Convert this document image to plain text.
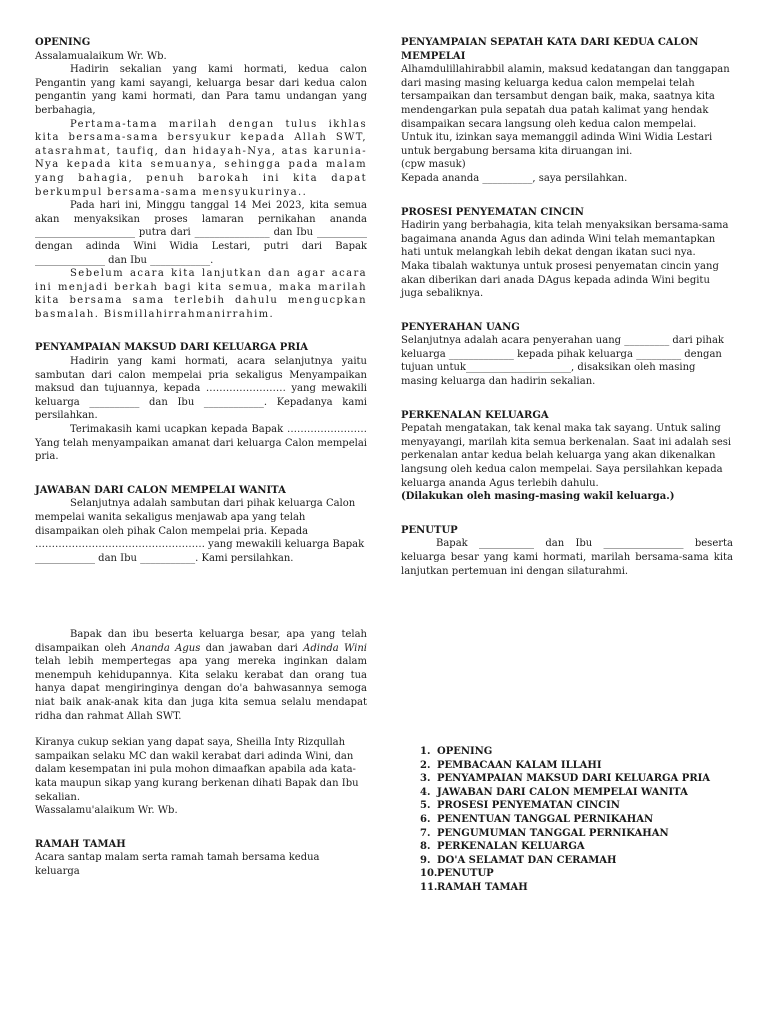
OPENING

Assalamualaikum Wr. Wb.

Hadirin sekalian yang kami hormati, kedua calon Pengantin yang kami sayangi, keluarga besar dari kedua calon pengantin yang kami hormati, dan Para tamu undangan yang berbahagia,

Pertama-tama marilah dengan tulus ikhlas kita bersama-sama bersyukur kepada Allah SWT, atasrahmat, taufiq, dan hidayah-Nya, atas karunia-Nya kepada kita semuanya, sehingga pada malam yang bahagia, penuh barokah ini kita dapat berkumpul bersama-sama mensyukurinya..

Pada hari ini, Minggu tanggal 14 Mei 2023, kita semua akan menyaksikan proses lamaran pernikahan ananda ____________________ putra dari _______________ dan Ibu __________ dengan adinda Wini Widia Lestari, putri dari Bapak ______________ dan Ibu ____________.

Sebelum acara kita lanjutkan dan agar acara ini menjadi berkah bagi kita semua, maka marilah kita bersama sama terlebih dahulu mengucpkan basmalah. Bismillahirrahmanirrahim.

PENYAMPAIAN MAKSUD DARI KELUARGA PRIA

Hadirin yang kami hormati, acara selanjutnya yaitu sambutan dari calon mempelai pria sekaligus Menyampaikan maksud dan tujuannya, kepada …………………… yang mewakili keluarga __________ dan Ibu ____________. Kepadanya kami persilahkan.

Terimakasih kami ucapkan kepada Bapak …………………… Yang telah menyampaikan amanat dari keluarga Calon mempelai pria.

JAWABAN DARI CALON MEMPELAI WANITA

Selanjutnya adalah sambutan dari pihak keluarga Calon mempelai wanita sekaligus menjawab apa yang telah disampaikan oleh pihak Calon mempelai pria. Kepada

…………………………………………… yang mewakili keluarga Bapak ____________ dan Ibu ___________. Kami persilahkan.

PENYAMPAIAN SEPATAH KATA DARI KEDUA CALON MEMPELAI

Alhamdulillahirabbil alamin, maksud kedatangan dan tanggapan dari masing masing keluarga kedua calon mempelai telah tersampaikan dan tersambut dengan baik, maka, saatnya kita mendengarkan pula sepatah dua patah kalimat yang hendak disampaikan secara langsung oleh kedua calon mempelai.

Untuk itu, izinkan saya memanggil adinda Wini Widia Lestari untuk bergabung bersama kita diruangan ini.

(cpw masuk)

Kepada ananda __________, saya persilahkan.

PROSESI PENYEMATAN CINCIN

Hadirin yang berbahagia, kita telah menyaksikan bersama-sama bagaimana ananda Agus dan adinda Wini telah memantapkan hati untuk melangkah lebih dekat dengan ikatan suci nya.

Maka tibalah waktunya untuk prosesi penyematan cincin yang akan diberikan dari anada DAgus kepada adinda Wini begitu juga sebaliknya.

PENYERAHAN UANG

Selanjutnya adalah acara penyerahan uang _________ dari pihak keluarga _____________ kepada pihak keluarga _________ dengan tujuan untuk_____________________, disaksikan oleh masing masing keluarga dan hadirin sekalian.

PERKENALAN KELUARGA

Pepatah mengatakan, tak kenal maka tak sayang. Untuk saling menyayangi, marilah kita semua berkenalan. Saat ini adalah sesi perkenalan antar kedua belah keluarga yang akan dikenalkan langsung oleh kedua calon mempelai. Saya persilahkan kepada keluarga ananda Agus terlebih dahulu.

(Dilakukan oleh masing-masing wakil keluarga.)

PENUTUP

Bapak ___________ dan Ibu ________________ beserta keluarga besar yang kami hormati, marilah bersama-sama kita lanjutkan pertemuan ini dengan silaturahmi.

Bapak dan ibu beserta keluarga besar, apa yang telah disampaikan oleh Ananda Agus dan jawaban dari Adinda Wini telah lebih mempertegas apa yang mereka inginkan dalam menempuh kehidupannya. Kita selaku kerabat dan orang tua hanya dapat mengiringinya dengan do'a bahwasannya semoga niat baik anak-anak kita dan juga kita semua selalu mendapat ridha dan rahmat Allah SWT.

Kiranya cukup sekian yang dapat saya, Sheilla Inty Rizqullah sampaikan selaku MC dan wakil kerabat dari adinda Wini, dan dalam kesempatan ini pula mohon dimaafkan apabila ada kata-kata maupun sikap yang kurang berkenan dihati Bapak dan Ibu sekalian.

Wassalamu'alaikum Wr. Wb.

RAMAH TAMAH

Acara santap malam serta ramah tamah bersama kedua keluarga

1. OPENING
2. PEMBACAAN KALAM ILLAHI
3. PENYAMPAIAN MAKSUD DARI KELUARGA PRIA
4. JAWABAN DARI CALON MEMPELAI WANITA
5. PROSESI PENYEMATAN CINCIN
6. PENENTUAN TANGGAL PERNIKAHAN
7. PENGUMUMAN TANGGAL PERNIKAHAN
8. PERKENALAN KELUARGA
9. DO'A SELAMAT DAN CERAMAH
10. PENUTUP
11. RAMAH TAMAH
